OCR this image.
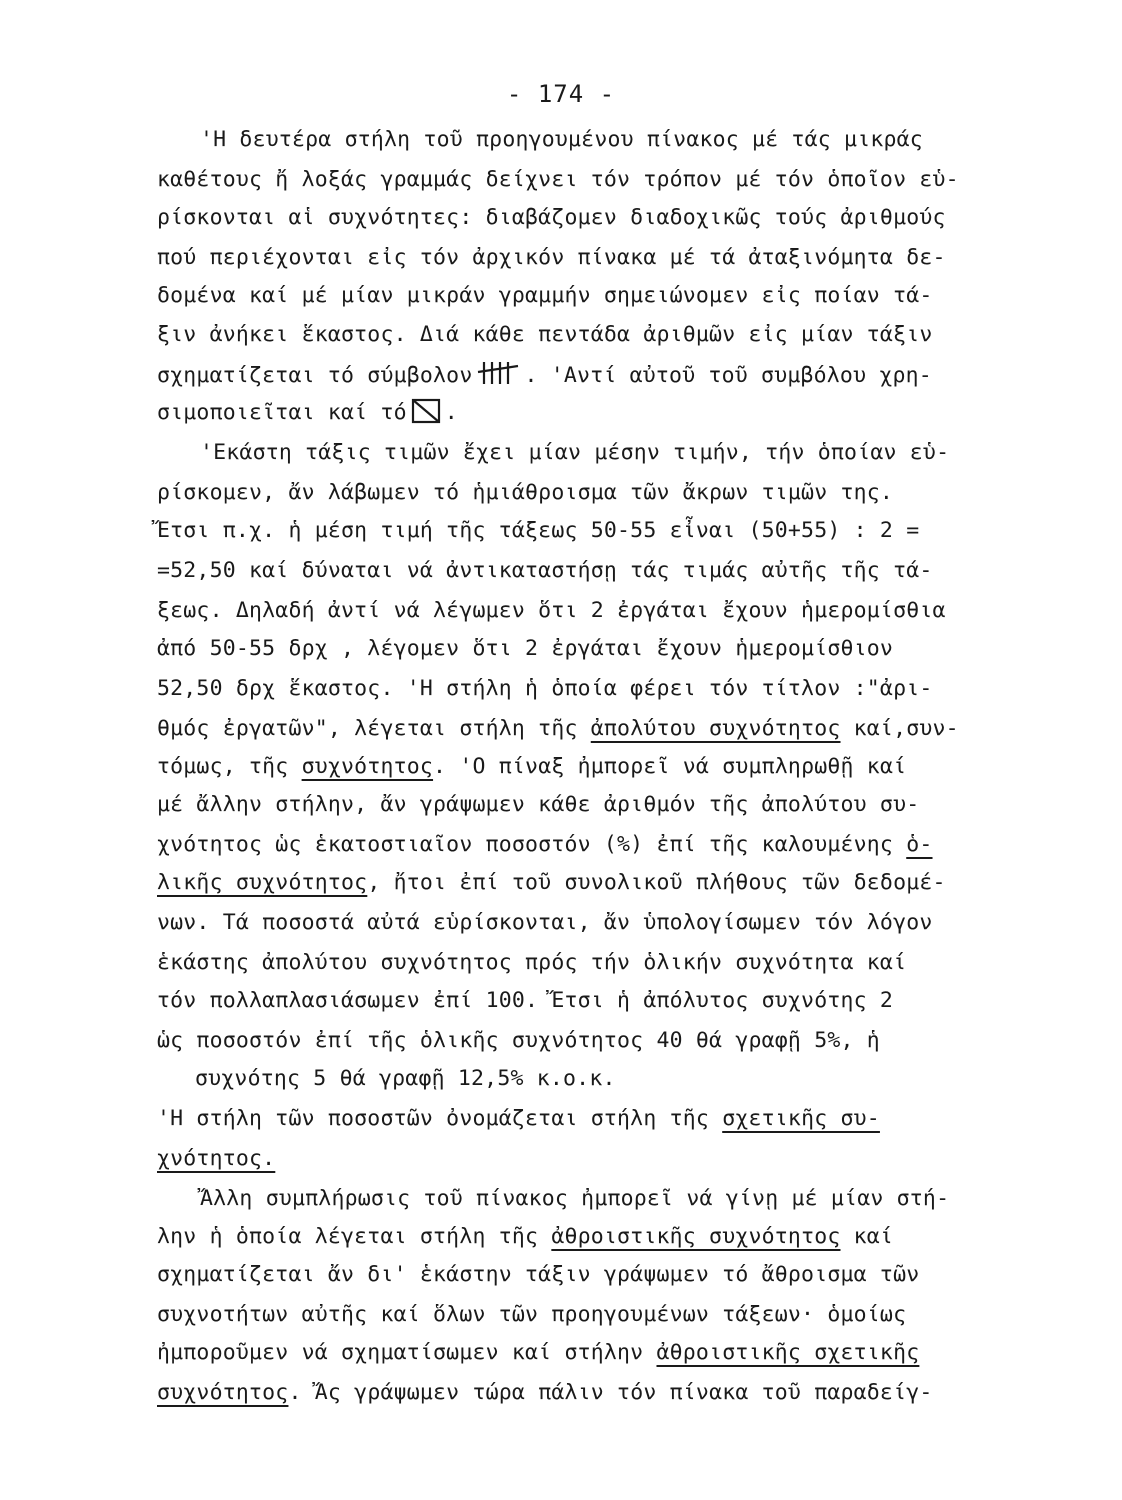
- 174 -
'Η δευτέρα στήλη τοῦ προηγουμένου πίνακος μέ τάς μικράς
καθέτους ἤ λοξάς γραμμάς δείχνει τόν τρόπον μέ τόν ὁποῖον εὑ-
ρίσκονται αἱ συχνότητες: διαβάζομεν διαδοχικῶς τούς ἀριθμούς
πού περιέχονται εἰς τόν ἀρχικόν πίνακα μέ τά ἀταξινόμητα δε-
δομένα καί μέ μίαν μικράν γραμμήν σημειώνομεν εἰς ποίαν τά-
ξιν ἀνήκει ἕκαστος. Διά κάθε πεντάδα ἀριθμῶν εἰς μίαν τάξιν
σχηματίζεται τό σύμβολον . 'Αντί αὐτοῦ τοῦ συμβόλου χρη-
σιμοποιεῖται καί τό ☒ .
'Εκάστη τάξις τιμῶν ἔχει μίαν μέσην τιμήν, τήν ὁποίαν εὑ-
ρίσκομεν, ἄν λάβωμεν τό ἡμιάθροισμα τῶν ἄκρων τιμῶν της.
Ἔτσι π.χ. ἡ μέση τιμή τῆς τάξεως 50-55 εἶναι (50+55) : 2 =
=52,50 καί δύναται νά ἀντικαταστήσῃ τάς τιμάς αὐτῆς τῆς τά-
ξεως. Δηλαδή ἀντί νά λέγωμεν ὅτι 2 ἐργάται ἔχουν ἡμερομίσθια
ἀπό 50-55 δρχ , λέγομεν ὅτι 2 ἐργάται ἔχουν ἡμερομίσθιον
52,50 δρχ ἕκαστος. 'Η στήλη ἡ ὁποία φέρει τόν τίτλον :"ἀρι-
θμός ἐργατῶν", λέγεται στήλη τῆς ἀπολύτου συχνότητος καί,συν-
τόμως, τῆς συχνότητος. 'Ο πίναξ ἠμπορεῖ νά συμπληρωθῇ καί
μέ ἄλλην στήλην, ἄν γράψωμεν κάθε ἀριθμόν τῆς ἀπολύτου συ-
χνότητος ὡς ἑκατοστιαῖον ποσοστόν (%) ἐπί τῆς καλουμένης ὁ-
λικῆς συχνότητος, ἤτοι ἐπί τοῦ συνολικοῦ πλήθους τῶν δεδομέ-
νων. Τά ποσοστά αὐτά εὑρίσκονται, ἄν ὑπολογίσωμεν τόν λόγον
ἑκάστης ἀπολύτου συχνότητος πρός τήν ὁλικήν συχνότητα καί
τόν πολλαπλασιάσωμεν ἐπί 100. Ἔτσι ἡ ἀπόλυτος συχνότης 2
ὡς ποσοστόν ἐπί τῆς ὁλικῆς συχνότητος 40 θά γραφῇ 5%, ἡ
συχνότης 5 θά γραφῇ 12,5% κ.ο.κ.
'Η στήλη τῶν ποσοστῶν ὀνομάζεται στήλη τῆς σχετικῆς συ-
χνότητος.
Ἄλλη συμπλήρωσις τοῦ πίνακος ἠμπορεῖ νά γίνῃ μέ μίαν στή-
λην ἡ ὁποία λέγεται στήλη τῆς ἀθροιστικῆς συχνότητος καί
σχηματίζεται ἄν δι' ἑκάστην τάξιν γράψωμεν τό ἄθροισμα τῶν
συχνοτήτων αὐτῆς καί ὅλων τῶν προηγουμένων τάξεων· ὁμοίως
ἠμποροῦμεν νά σχηματίσωμεν καί στήλην ἀθροιστικῆς σχετικῆς
συχνότητος. Ἄς γράψωμεν τώρα πάλιν τόν πίνακα τοῦ παραδείγ-
